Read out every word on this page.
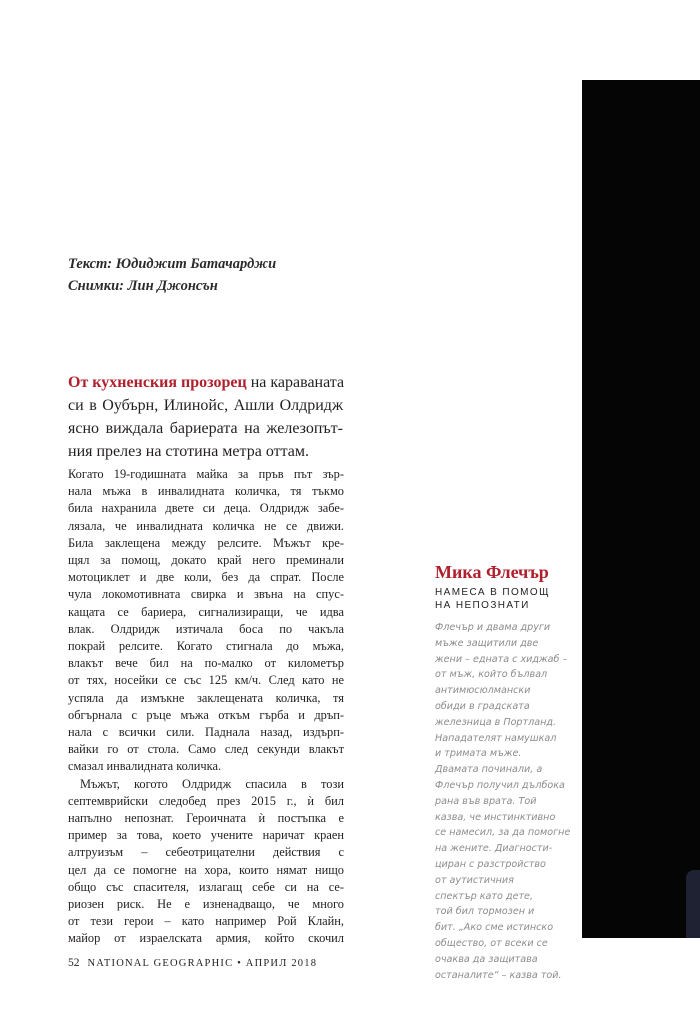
Текст: Юдиджит Батачарджи
Снимки: Лин Джонсън
От кухненския прозорец на караваната
си в Оубърн, Илинойс, Ашли Олдридж
ясно виждала бариерата на железопът-
ния прелез на стотина метра оттам.
Когато 19-годишната майка за пръв път зър-
нала мъжа в инвалидната количка, тя тъкмо
била нахранила двете си деца. Олдридж забе-
лязала, че инвалидната количка не се движи.
Била заклещена между релсите. Мъжът кре-
щял за помощ, докато край него преминали
мотоциклет и две коли, без да спрат. После
чула локомотивната свирка и звъна на спус-
кащата се бариера, сигнализиращи, че идва
влак. Олдридж изтичала боса по чакъла
покрай релсите. Когато стигнала до мъжа,
влакът вече бил на по-малко от километър
от тях, носейки се със 125 км/ч. След като не
успяла да измъкне заклещената количка, тя
обгърнала с ръце мъжа откъм гърба и дръп-
нала с всички сили. Паднала назад, издърп-
вайки го от стола. Само след секунди влакът
смазал инвалидната количка.
Мъжът, когото Олдридж спасила в този
септемврийски следобед през 2015 г., ѝ бил
напълно непознат. Героичната ѝ постъпка е
пример за това, което учените наричат краен
алтруизъм – себеотрицателни действия с
цел да се помогне на хора, които нямат нищо
общо със спасителя, излагащ себе си на се-
риозен риск. Не е изненадващо, че много
от тези герои – като например Рой Клайн,
майор от израелската армия, който скочил
Мика Флечър
НАМЕСА В ПОМОЩ
НА НЕПОЗНАТИ
Флечър и двама други
мъже защитили две
жени – едната с хиджаб –
от мъж, който бълвал
антимюсюлмански
обиди в градската
железница в Портланд.
Нападателят намушкал
и тримата мъже.
Двамата починали, а
Флечър получил дълбока
рана във врата. Той
казва, че инстинктивно
се намесил, за да помогне
на жените. Диагности-
циран с разстройство
от аутистичния
спектър като дете,
той бил тормозен и
бит. „Ако сме истинско
общество, от всеки се
очаква да защитава
останалите“ – казва той.
52 NATIONAL GEOGRAPHIC • АПРИЛ 2018
